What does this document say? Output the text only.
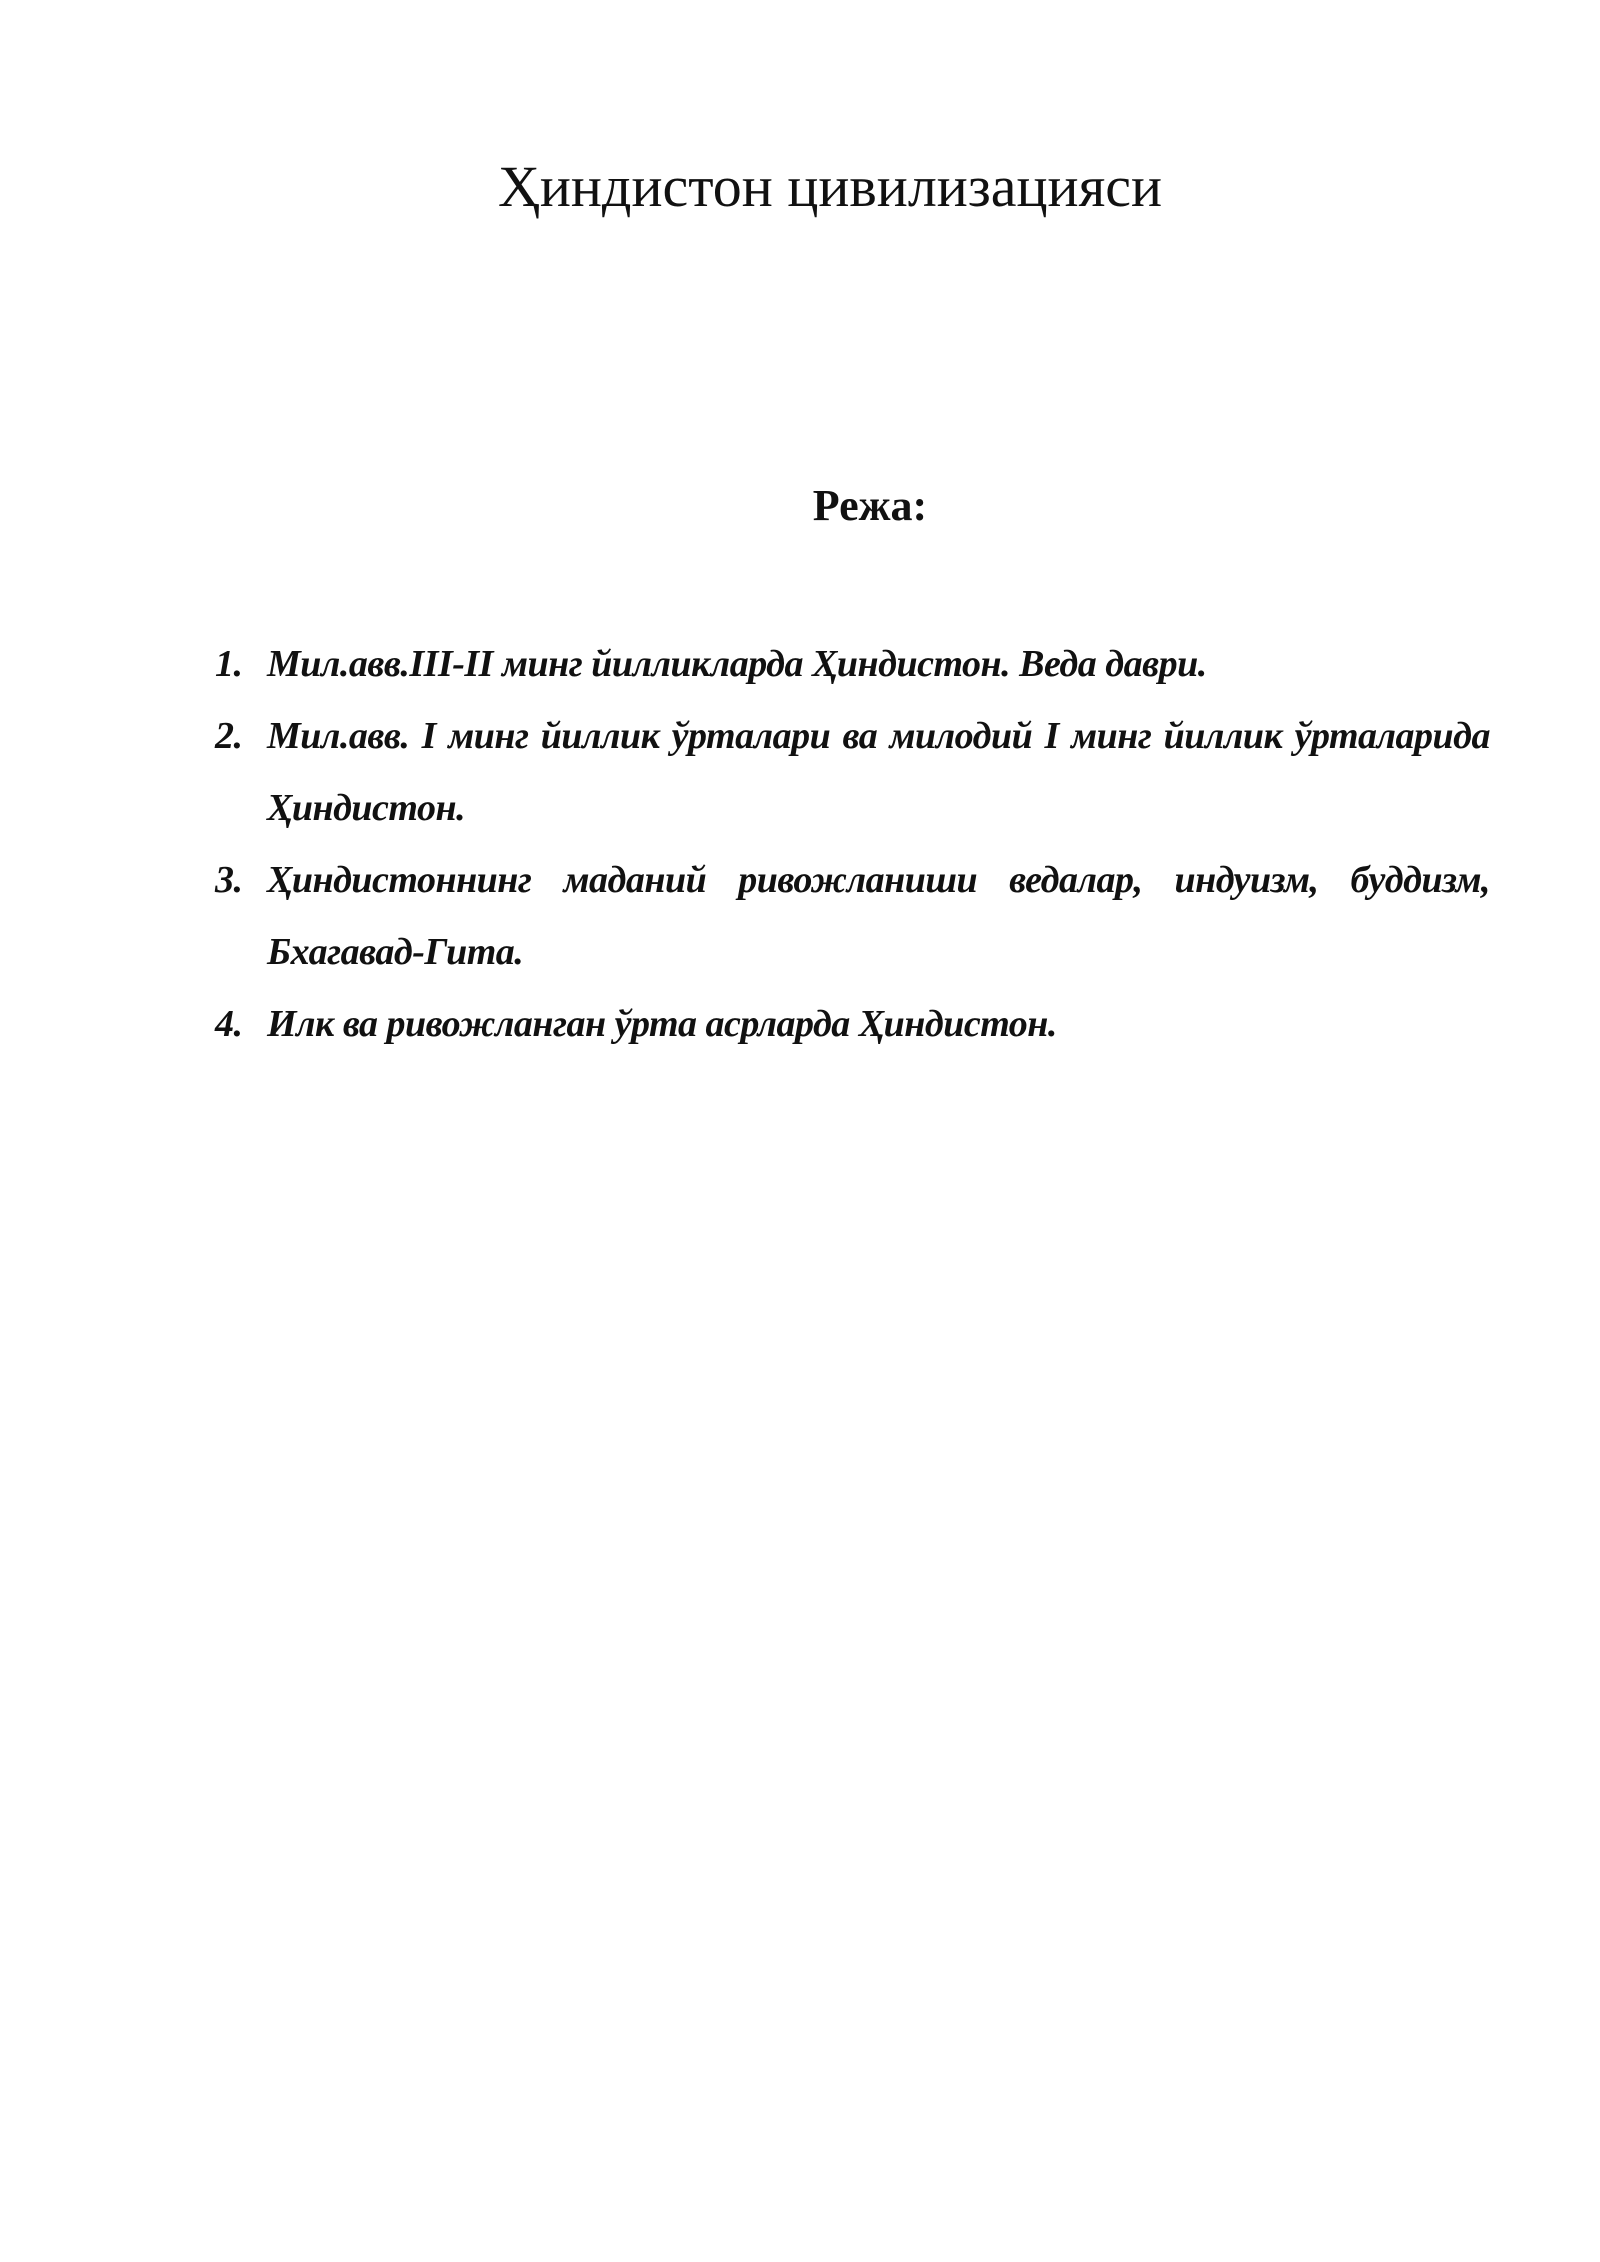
Ҳиндистон цивилизацияси
Режа:
1. Мил.авв.III-II минг йилликларда Ҳиндистон. Веда даври.
2. Мил.авв. I минг йиллик ўрталари ва милодий I минг йиллик ўрталарида Ҳиндистон.
3. Ҳиндистоннинг маданий ривожланиши ведалар, индуизм, буддизм, Бхагавад-Гита.
4. Илк ва ривожланган ўрта асрларда Ҳиндистон.
